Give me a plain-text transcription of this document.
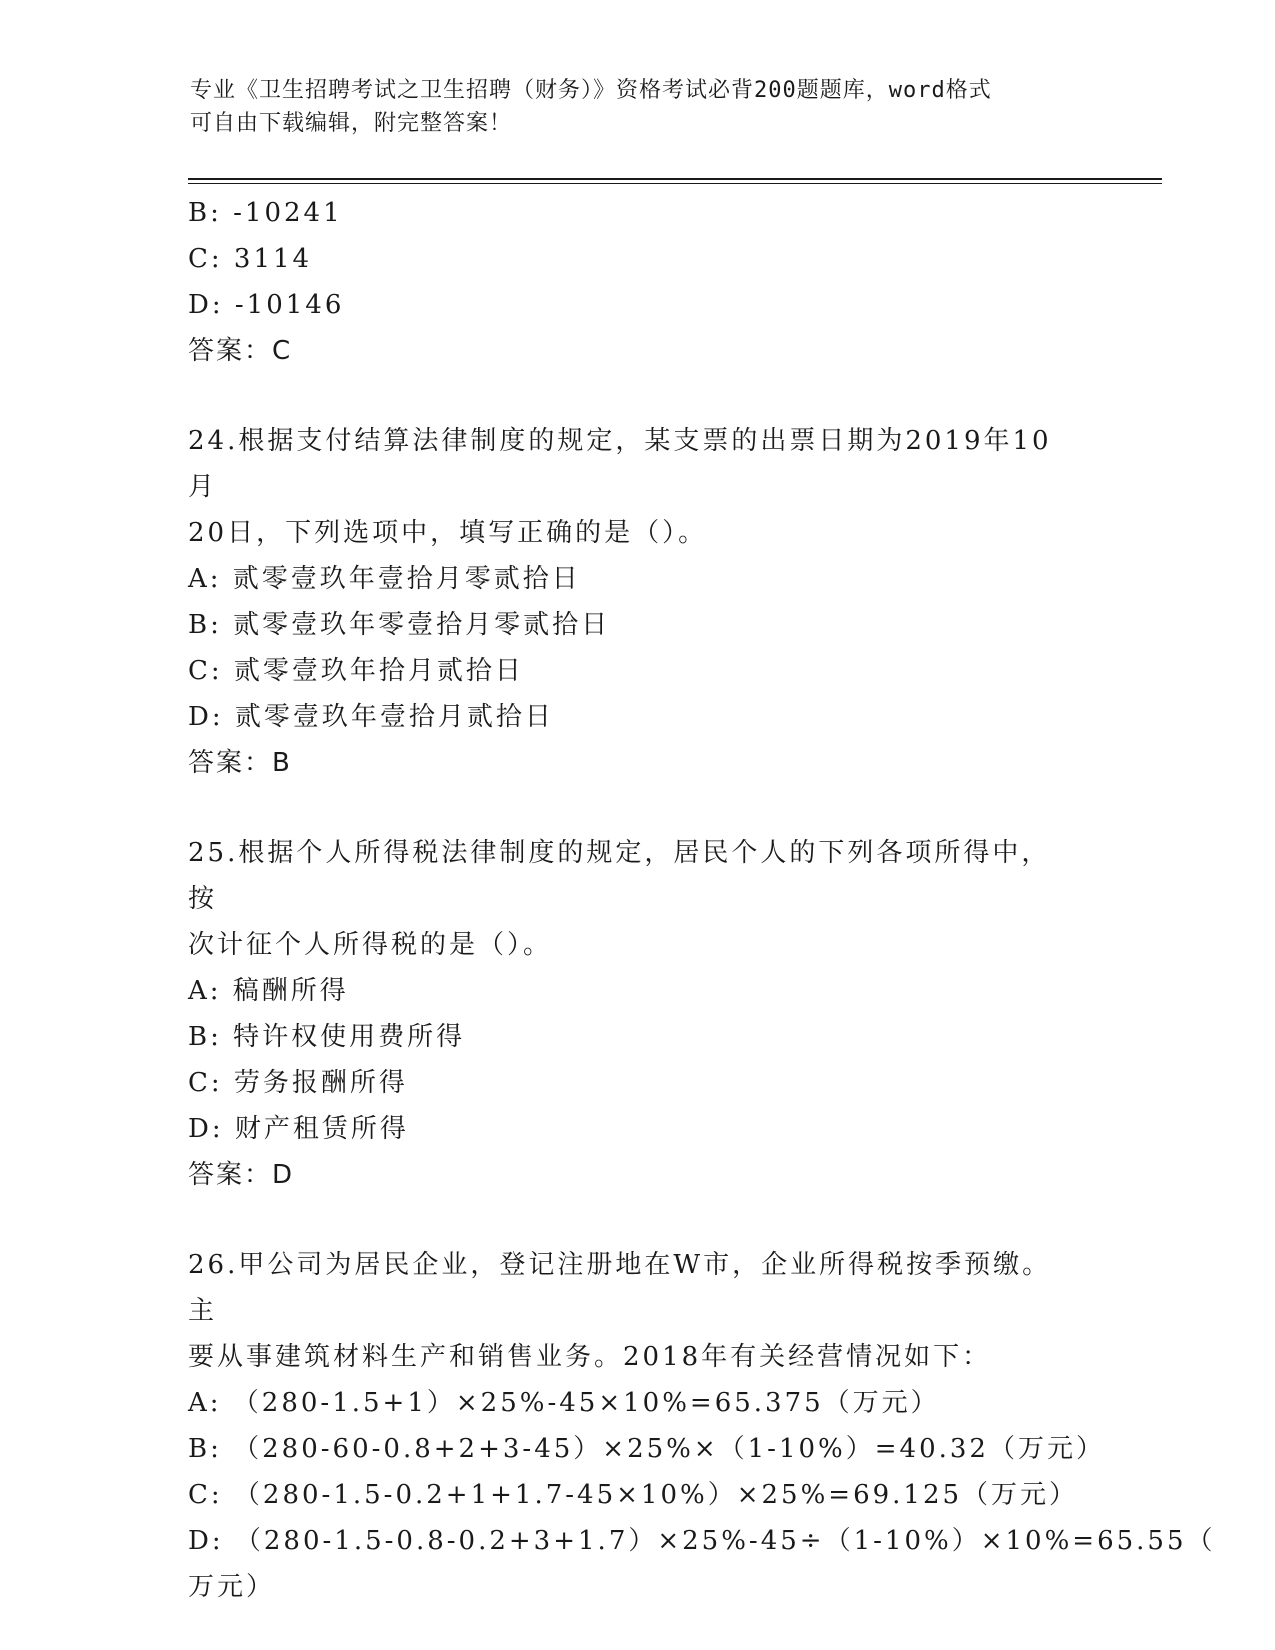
专业《卫生招聘考试之卫生招聘（财务）》资格考试必背200题题库，word格式
可自由下载编辑，附完整答案！
B: -10241
C: 3114
D: -10146
答案：C
24.根据支付结算法律制度的规定，某支票的出票日期为2019年10月
20日，下列选项中，填写正确的是（）。
A: 贰零壹玖年壹拾月零贰拾日
B: 贰零壹玖年零壹拾月零贰拾日
C: 贰零壹玖年拾月贰拾日
D: 贰零壹玖年壹拾月贰拾日
答案：B
25.根据个人所得税法律制度的规定，居民个人的下列各项所得中，按
次计征个人所得税的是（）。
A: 稿酬所得
B: 特许权使用费所得
C: 劳务报酬所得
D: 财产租赁所得
答案：D
26.甲公司为居民企业，登记注册地在W市，企业所得税按季预缴。主
要从事建筑材料生产和销售业务。2018年有关经营情况如下：
A: （280-1.5+1）×25%-45×10%=65.375（万元）
B: （280-60-0.8+2+3-45）×25%×（1-10%）=40.32（万元）
C: （280-1.5-0.2+1+1.7-45×10%）×25%=69.125（万元）
D: （280-1.5-0.8-0.2+3+1.7）×25%-45÷（1-10%）×10%=65.55（
万元）
